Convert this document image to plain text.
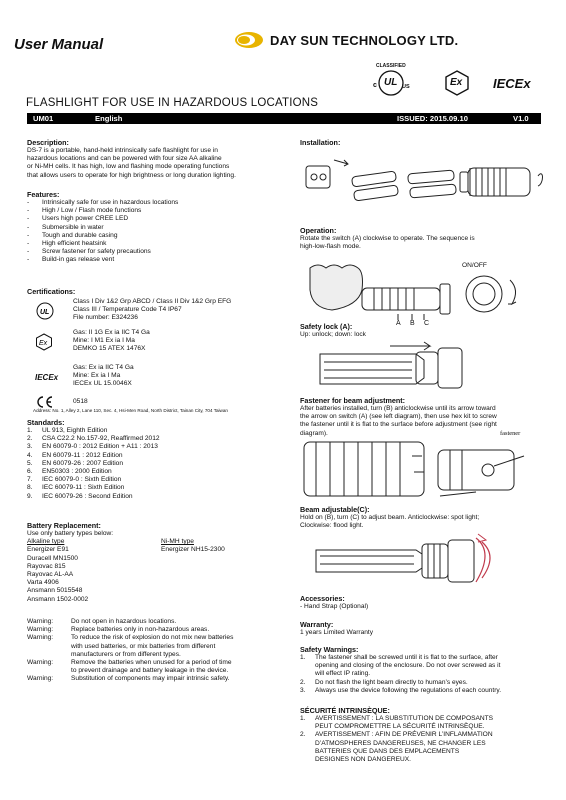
User Manual	DAY SUN TECHNOLOGY LTD.
CLASSIFIED
c UL US	Ex IECEx
FLASHLIGHT FOR USE IN HAZARDOUS LOCATIONS
UM01	English	ISSUED: 2015.09.10	V1.0
Description:
DS-7 is a portable, hand-held intrinsically safe flashlight for use in
hazardous locations and can be powered with four size AA alkaline
or Ni-MH cells. It has high, low and flashing mode operating functions
that allows users to operate for high brightness or long duration lighting.
Features:
- Intrinsically safe for use in hazardous locations
- High / Low / Flash mode functions
- Users high power CREE LED
- Submersible in water
- Tough and durable casing
- High efficient heatsink
- Screw fastener for safety precautions
- Build-in gas release vent
Certifications:
UL
Class I Div 1&2 Grp ABCD / Class II Div 1&2 Grp EFG
Class III / Temperature Code T4 IP67
File number: E324236
Ex
Gas: II 1G Ex ia IIC T4 Ga
Mine: I M1 Ex ia I Ma
DEMKO 15 ATEX 1476X
IECEx
Gas: Ex ia IIC T4 Ga
Mine: Ex ia I Ma
IECEx UL 15.0046X
0518
Address: No. 1, Alley 2, Lane 110, Sec. 4, Hsi-Men Road, North District, Tainan City, 704 Taiwan
Standards:
1.	UL 913, Eighth Edition
2.	CSA C22.2 No.157-92, Reaffirmed 2012
3.	EN 60079-0 : 2012 Edition + A11 : 2013
4.	EN 60079-11 : 2012 Edition
5.	EN 60079-26 : 2007 Edition
6.	EN50303 : 2000 Edition
7.	IEC 60079-0 : Sixth Edition
8.	IEC 60079-11 : Sixth Edition
9.	IEC 60079-26 : Second Edition
Battery Replacement:
Use only battery types below:
Alkaline type
Energizer E91
Duracell MN1500
Rayovac 815
Rayovac AL-AA
Varta 4906
Ansmann 5015548
Ansmann 1502-0002
Ni-MH type
Energizer NH15-2300
Warning:	Do not open in hazardous locations.
Warning:	Replace batteries only in non-hazardous areas.
Warning:	To reduce the risk of explosion do not mix new batteries
with used batteries, or mix batteries from different
manufacturers or from different types.
Warning:	Remove the batteries when unused for a period of time
to prevent drainage and battery leakage in the device.
Warning:	Substitution of components may impair intrinsic safety.
Installation:
Operation:
Rotate the switch (A) clockwise to operate. The sequence is
high-low-flash mode.
ON/OFF
A B C
Safety lock (A):
Up: unlock; down: lock
Fastener for beam adjustment:
After batteries installed, turn (B) anticlockwise until its arrow toward
the arrow on switch (A) (see left diagram), then use hex kit to screw
the fastener until it is flat to the surface before adjustment (see right
diagram).	fastener
Beam adjustable(C):
Hold on (B), turn (C) to adjust beam. Anticlockwise: spot light;
Clockwise: flood light.
Accessories:
- Hand Strap (Optional)
Warranty:
1 years Limited Warranty
Safety Warnings:
1.	The fastener shall be screwed until it is flat to the surface, after
opening and closing of the enclosure. Do not over screwed as it
will effect IP rating.
2.	Do not flash the light beam directly to human’s eyes.
3.	Always use the device following the regulations of each country.
SÉCURITÉ INTRINSÈQUE:
1.	AVERTISSEMENT : LA SUBSTITUTION DE COMPOSANTS
PEUT COMPROMETTRE LA SÉCURITÉ INTRINSÈQUE.
2.	AVERTISSEMENT : AFIN DE PRÉVENIR L’INFLAMMATION
D’ATMOSPHERES DANGEREUSES, NE CHANGER LES
BATTERIES QUE DANS DES EMPLACEMENTS
DESIGNES NON DANGEREUX.
